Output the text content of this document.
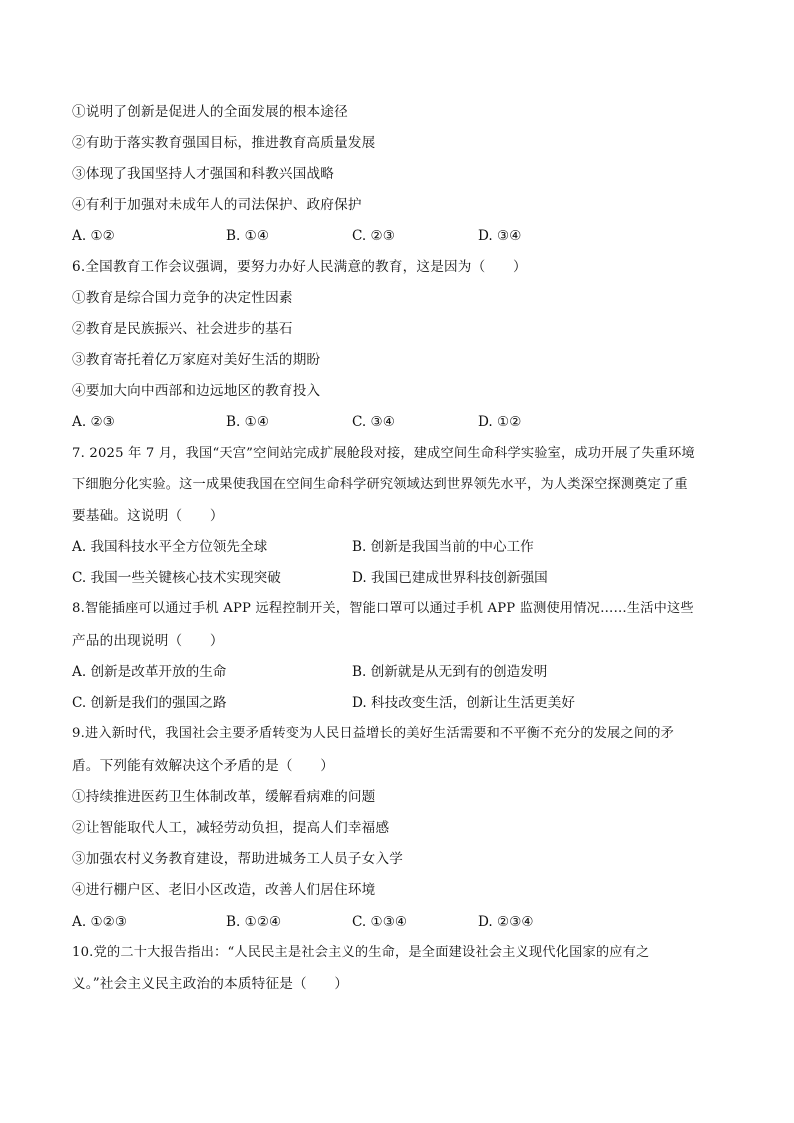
①说明了创新是促进人的全面发展的根本途径
②有助于落实教育强国目标，推进教育高质量发展
③体现了我国坚持人才强国和科教兴国战略
④有利于加强对未成年人的司法保护、政府保护
A. ①②	B. ①④	C. ②③	D. ③④
6.全国教育工作会议强调，要努力办好人民满意的教育，这是因为（　　）
①教育是综合国力竞争的决定性因素
②教育是民族振兴、社会进步的基石
③教育寄托着亿万家庭对美好生活的期盼
④要加大向中西部和边远地区的教育投入
A. ②③	B. ①④	C. ③④	D. ①②
7. 2025 年 7 月，我国“天宫”空间站完成扩展舱段对接，建成空间生命科学实验室，成功开展了失重环境
下细胞分化实验。这一成果使我国在空间生命科学研究领域达到世界领先水平，为人类深空探测奠定了重
要基础。这说明（　　）
A. 我国科技水平全方位领先全球	B. 创新是我国当前的中心工作
C. 我国一些关键核心技术实现突破	D. 我国已建成世界科技创新强国
8.智能插座可以通过手机 APP 远程控制开关，智能口罩可以通过手机 APP 监测使用情况……生活中这些
产品的出现说明（　　）
A. 创新是改革开放的生命	B. 创新就是从无到有的创造发明
C. 创新是我们的强国之路	D. 科技改变生活，创新让生活更美好
9.进入新时代，我国社会主要矛盾转变为人民日益增长的美好生活需要和不平衡不充分的发展之间的矛
盾。下列能有效解决这个矛盾的是（　　）
①持续推进医药卫生体制改革，缓解看病难的问题
②让智能取代人工，减轻劳动负担，提高人们幸福感
③加强农村义务教育建设，帮助进城务工人员子女入学
④进行棚户区、老旧小区改造，改善人们居住环境
A. ①②③	B. ①②④	C. ①③④	D. ②③④
10.党的二十大报告指出：“人民民主是社会主义的生命，是全面建设社会主义现代化国家的应有之
义。”社会主义民主政治的本质特征是（　　）
